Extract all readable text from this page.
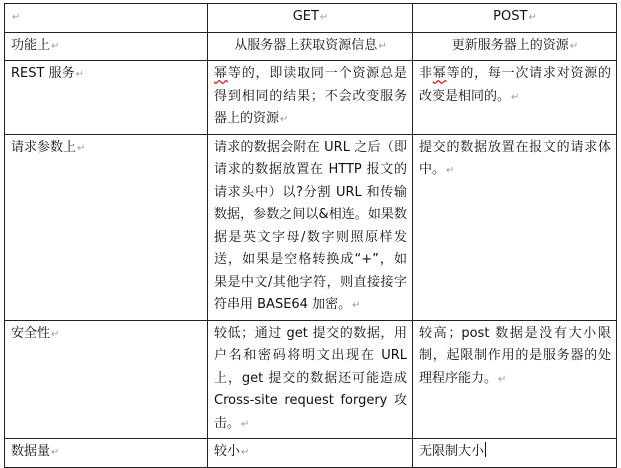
↵	GET↵	POST↵
功能上↵	从服务器上获取资源信息↵	更新服务器上的资源↵
REST 服务↵	幂等的，即读取同一个资源总是得到相同的结果；不会改变服务器上的资源↵	非幂等的，每一次请求对资源的改变是相同的。↵
请求参数上↵	请求的数据会附在 URL 之后（即请求的数据放置在 HTTP 报文的请求头中）以?分割 URL 和传输数据，参数之间以&相连。如果数据是英文字母/数字则照原样发送，如果是空格转换成“+”，如果是中文/其他字符，则直接接字符串用 BASE64 加密。↵	提交的数据放置在报文的请求体中。↵
安全性↵	较低；通过 get 提交的数据，用户名和密码将明文出现在 URL 上，get 提交的数据还可能造成 Cross-site request forgery 攻击。↵	较高；post 数据是没有大小限制，起限制作用的是服务器的处理程序能力。↵
数据量↵	较小↵	无限制大小
